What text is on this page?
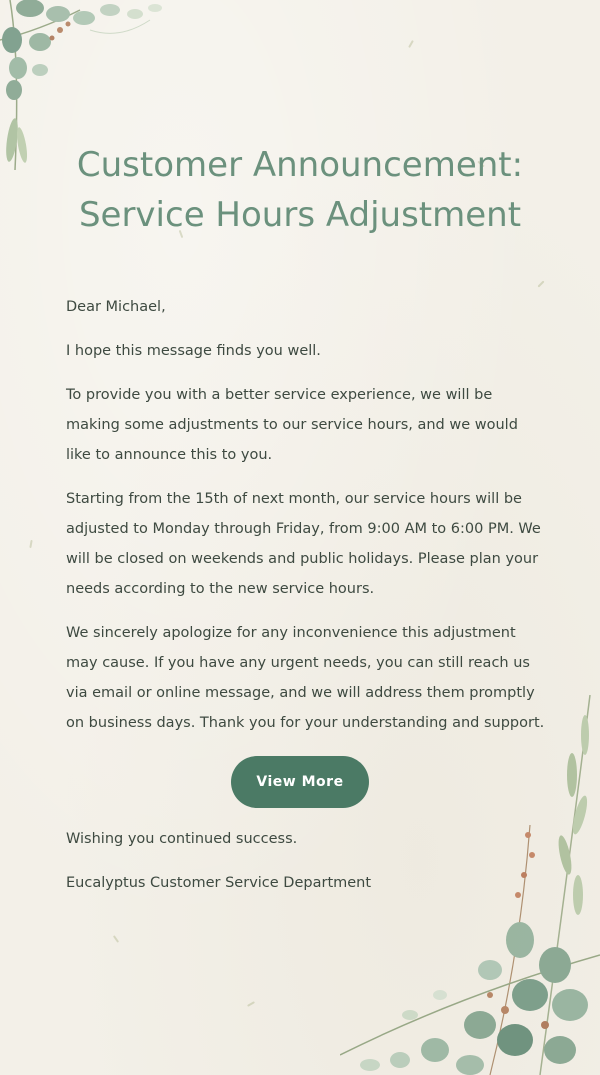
Customer Announcement:
Service Hours Adjustment

Dear Michael,

I hope this message finds you well.

To provide you with a better service experience, we will be making some adjustments to our service hours, and we would like to announce this to you.

Starting from the 15th of next month, our service hours will be adjusted to Monday through Friday, from 9:00 AM to 6:00 PM. We will be closed on weekends and public holidays. Please plan your needs according to the new service hours.

We sincerely apologize for any inconvenience this adjustment may cause. If you have any urgent needs, you can still reach us via email or online message, and we will address them promptly on business days. Thank you for your understanding and support.

View More

Wishing you continued success.

Eucalyptus Customer Service Department
